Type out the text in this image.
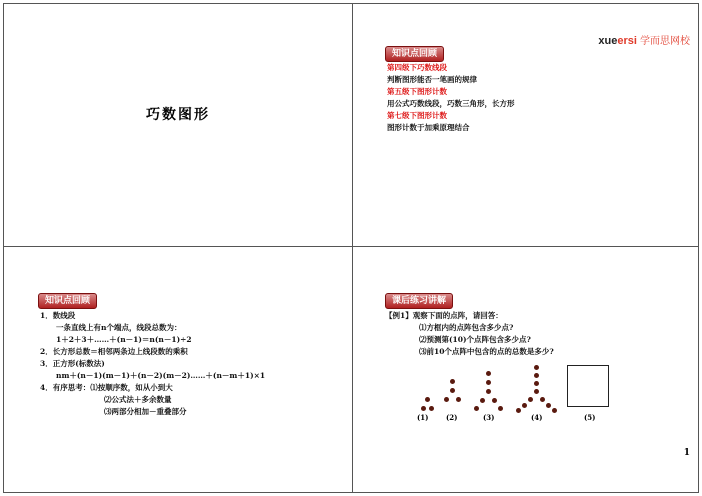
巧数图形
xueersi 学而思网校
知识点回顾
第四级下巧数线段
判断图形能否一笔画的规律
第五级下图形计数
用公式巧数线段，巧数三角形，长方形
第七级下图形计数
图形计数于加乘原理结合
知识点回顾
1．数线段
一条直线上有n个端点，线段总数为：
1＋2＋3＋……＋(n－1)＝n(n－1)÷2
2．长方形总数＝相邻两条边上线段数的乘积
3．正方形(标数法)
nm＋(n－1)(m－1)＋(n－2)(m－2)……＋(n－m＋1)×1
4．有序思考：⑴按顺序数，如从小到大
⑵公式法＋多余数量
⑶两部分相加－重叠部分
课后练习讲解
【例1】观察下面的点阵，请回答：
⑴方框内的点阵包含多少点?
⑵预测第(10)个点阵包含多少点?
⑶前10个点阵中包含的点的总数是多少?
(1)	(2)	(3)	(4)	(5)
1
